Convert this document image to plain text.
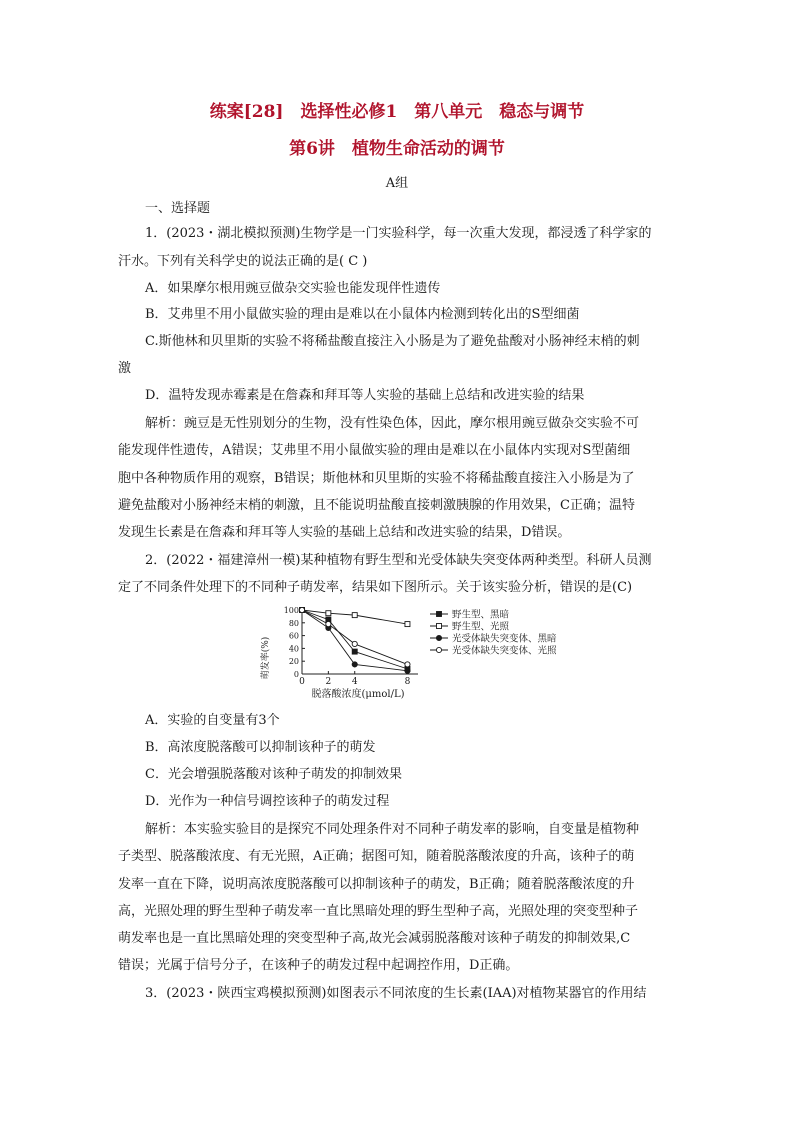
练案[28]　选择性必修1　第八单元　稳态与调节
第6讲　植物生命活动的调节
A组
一、选择题
1．(2023・湖北模拟预测)生物学是一门实验科学，每一次重大发现，都浸透了科学家的
汗水。下列有关科学史的说法正确的是( C )
A．如果摩尔根用豌豆做杂交实验也能发现伴性遗传
B．艾弗里不用小鼠做实验的理由是难以在小鼠体内检测到转化出的S型细菌
C.斯他林和贝里斯的实验不将稀盐酸直接注入小肠是为了避免盐酸对小肠神经末梢的刺
激
D．温特发现赤霉素是在詹森和拜耳等人实验的基础上总结和改进实验的结果
解析：豌豆是无性别划分的生物，没有性染色体，因此，摩尔根用豌豆做杂交实验不可
能发现伴性遗传，A错误；艾弗里不用小鼠做实验的理由是难以在小鼠体内实现对S型菌细
胞中各种物质作用的观察，B错误；斯他林和贝里斯的实验不将稀盐酸直接注入小肠是为了
避免盐酸对小肠神经末梢的刺激，且不能说明盐酸直接刺激胰腺的作用效果，C正确；温特
发现生长素是在詹森和拜耳等人实验的基础上总结和改进实验的结果，D错误。
2．(2022・福建漳州一模)某种植物有野生型和光受体缺失突变体两种类型。科研人员测
定了不同条件处理下的不同种子萌发率，结果如下图所示。关于该实验分析，错误的是(C)
0
20
40
60
80
100
0 2 4	8
野生型、黑暗
野生型、光照
光受体缺失突变体、黑暗
光受体缺失突变体、光照
萌发率(%)
脱落酸浓度(μmol/L)
A．实验的自变量有3个
B．高浓度脱落酸可以抑制该种子的萌发
C．光会增强脱落酸对该种子萌发的抑制效果
D．光作为一种信号调控该种子的萌发过程
解析：本实验实验目的是探究不同处理条件对不同种子萌发率的影响，自变量是植物种
子类型、脱落酸浓度、有无光照，A正确；据图可知，随着脱落酸浓度的升高，该种子的萌
发率一直在下降，说明高浓度脱落酸可以抑制该种子的萌发，B正确；随着脱落酸浓度的升
高，光照处理的野生型种子萌发率一直比黑暗处理的野生型种子高，光照处理的突变型种子
萌发率也是一直比黑暗处理的突变型种子高,故光会减弱脱落酸对该种子萌发的抑制效果,C
错误；光属于信号分子，在该种子的萌发过程中起调控作用，D正确。
3．(2023・陕西宝鸡模拟预测)如图表示不同浓度的生长素(IAA)对植物某器官的作用结
